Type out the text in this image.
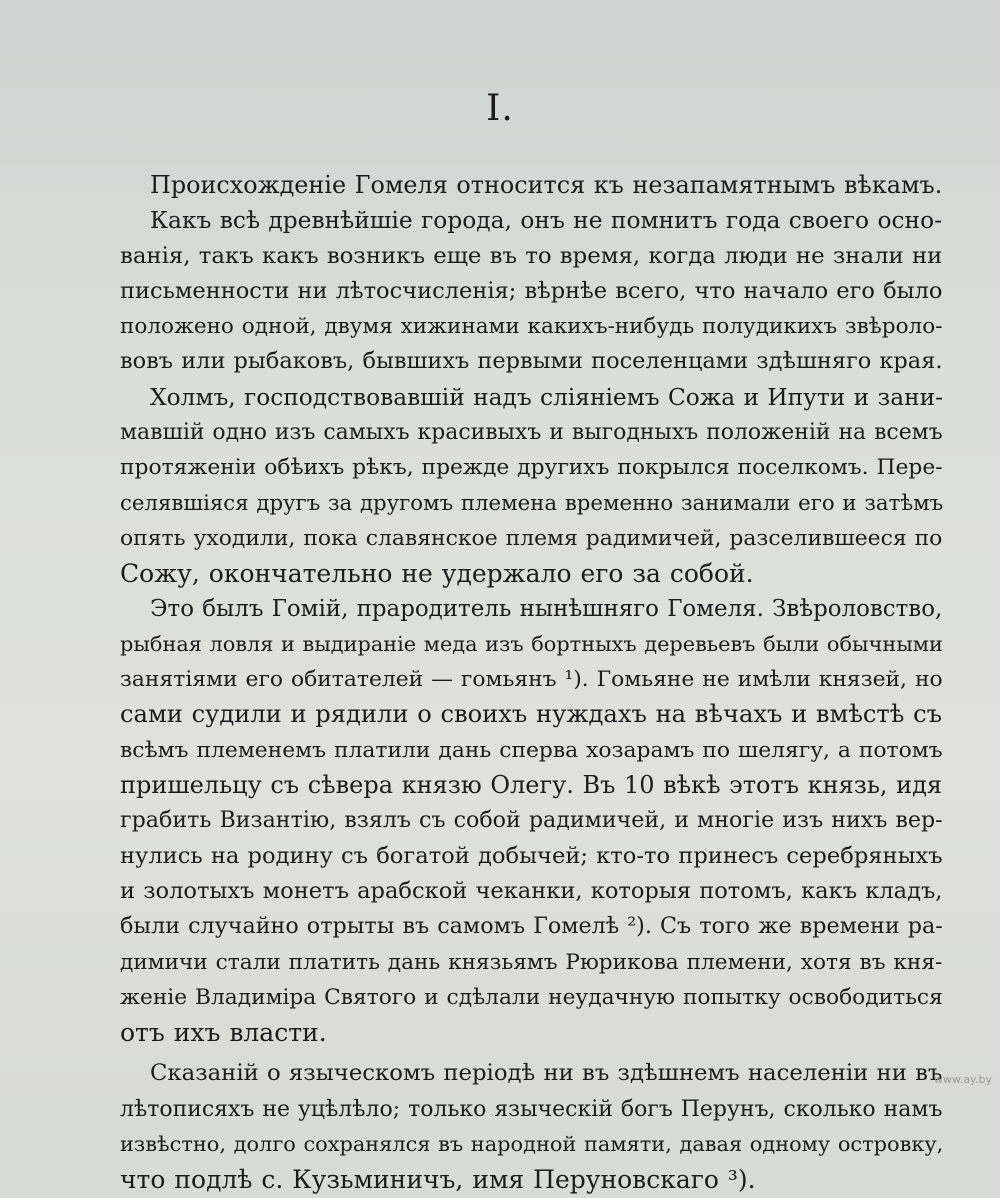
I.
Происхожденіе Гомеля относится къ незапамятнымъ вѣкамъ.
Какъ всѣ древнѣйшіе города, онъ не помнитъ года своего осно-
ванія, такъ какъ возникъ еще въ то время, когда люди не знали ни
письменности ни лѣтосчисленія; вѣрнѣе всего, что начало его было
положено одной, двумя хижинами какихъ-нибудь полудикихъ звѣроло-
вовъ или рыбаковъ, бывшихъ первыми поселенцами здѣшняго края.
Холмъ, господствовавшій надъ сліяніемъ Сожа и Ипути и зани-
мавшій одно изъ самыхъ красивыхъ и выгодныхъ положеній на всемъ
протяженіи обѣихъ рѣкъ, прежде другихъ покрылся поселкомъ. Пере-
селявшіяся другъ за другомъ племена временно занимали его и затѣмъ
опять уходили, пока славянское племя радимичей, разселившееся по
Сожу, окончательно не удержало его за собой.
Это былъ Гомій, прародитель нынѣшняго Гомеля. Звѣроловство,
рыбная ловля и выдираніе меда изъ бортныхъ деревьевъ были обычными
занятіями его обитателей — гомьянъ ¹). Гомьяне не имѣли князей, но
сами судили и рядили о своихъ нуждахъ на вѣчахъ и вмѣстѣ съ
всѣмъ племенемъ платили дань сперва хозарамъ по шелягу, а потомъ
пришельцу съ сѣвера князю Олегу. Въ 10 вѣкѣ этотъ князь, идя
грабить Византію, взялъ съ собой радимичей, и многіе изъ нихъ вер-
нулись на родину съ богатой добычей; кто-то принесъ серебряныхъ
и золотыхъ монетъ арабской чеканки, которыя потомъ, какъ кладъ,
были случайно отрыты въ самомъ Гомелѣ ²). Съ того же времени ра-
димичи стали платить дань князьямъ Рюрикова племени, хотя въ кня-
женіе Владиміра Святого и сдѣлали неудачную попытку освободиться
отъ ихъ власти.
Сказаній о языческомъ періодѣ ни въ здѣшнемъ населеніи ни въ
лѣтописяхъ не уцѣлѣло; только языческій богъ Перунъ, сколько намъ
извѣстно, долго сохранялся въ народной памяти, давая одному островку,
что подлѣ с. Кузьминичъ, имя Перуновскаго ³).
www.ay.by
